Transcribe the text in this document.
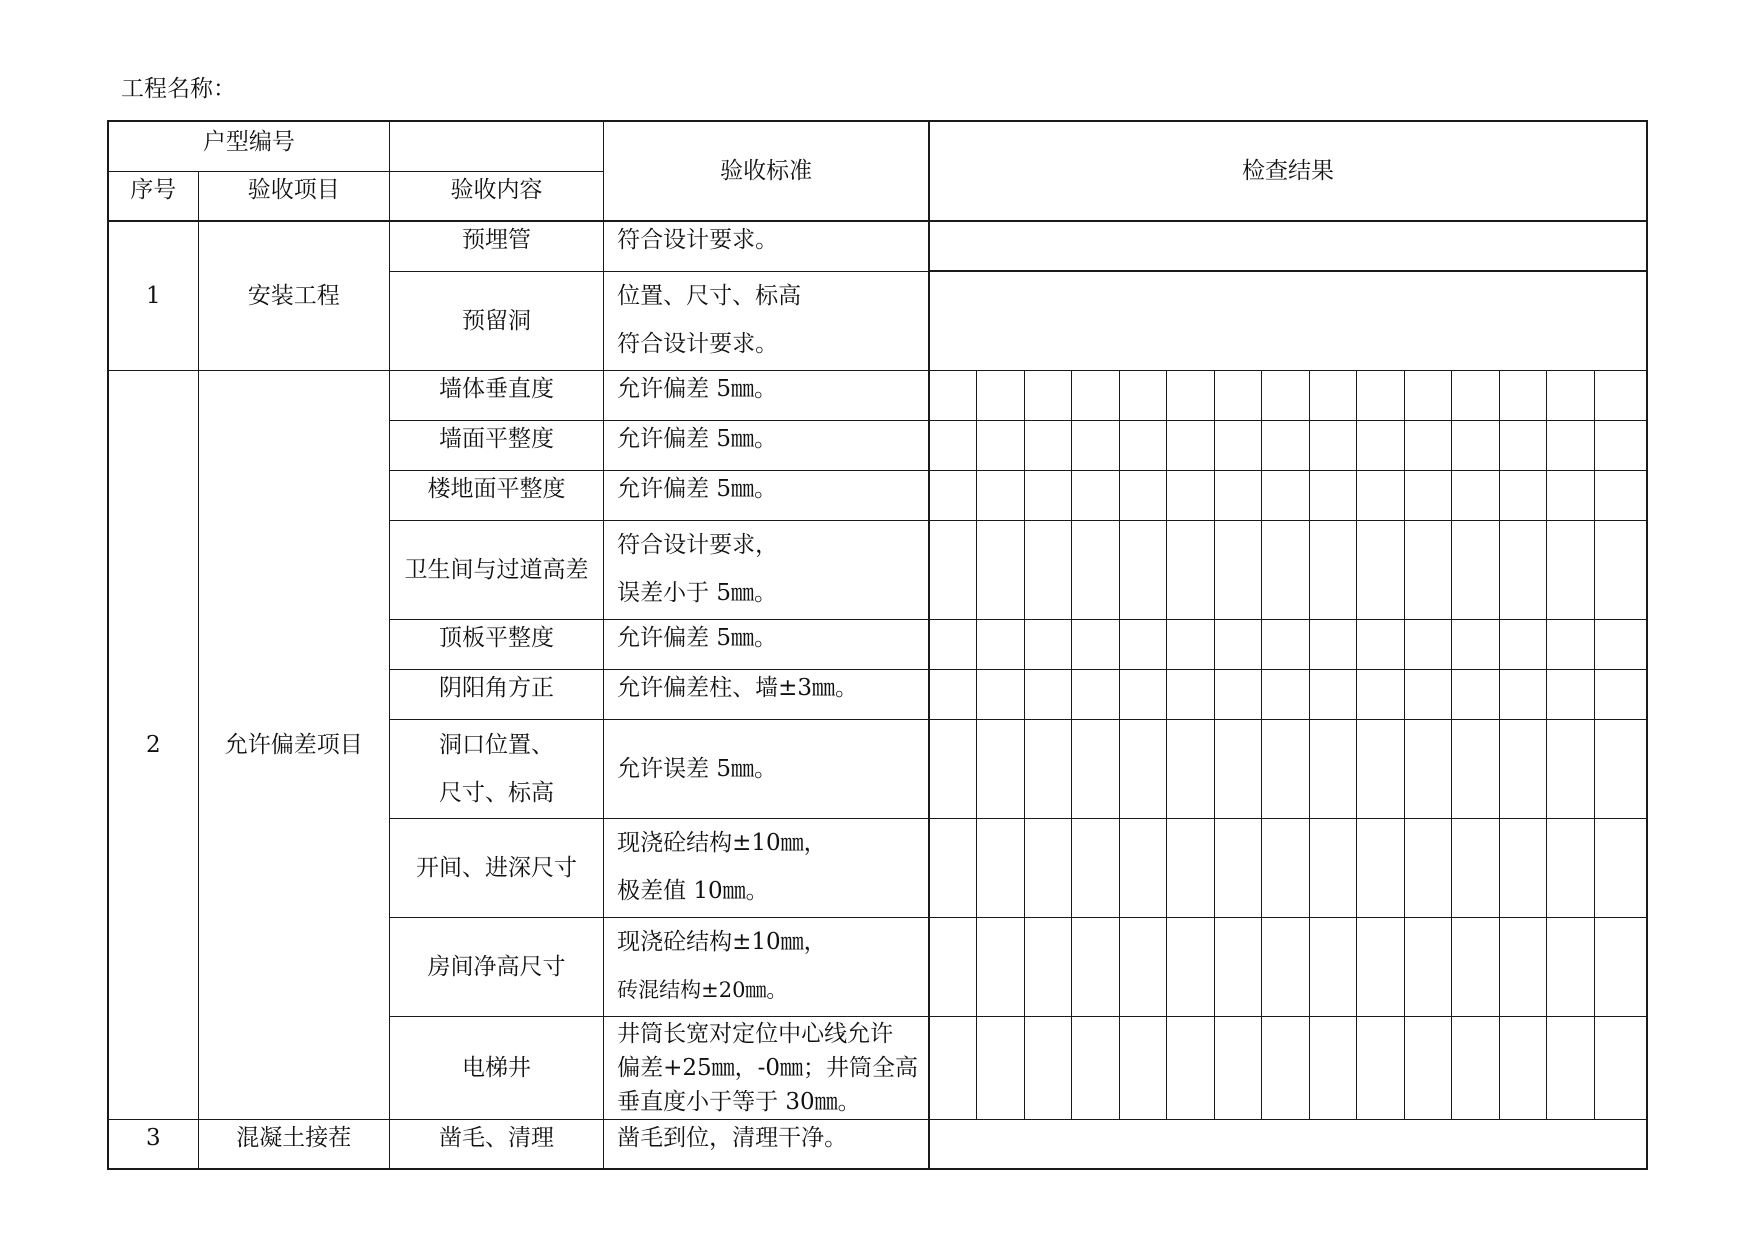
工程名称：
户型编号			验收标准	检查结果														
序号	验收项目	验收内容																
1	安装工程	预埋管	符合设计要求。															

		预留洞	位置、尺寸、标高
符合设计要求。															

2	允许偏差项目	墙体垂直度	允许偏差 5㎜。															

		墙面平整度	允许偏差 5㎜。															

		楼地面平整度	允许偏差 5㎜。															

		卫生间与过道高差	符合设计要求，
误差小于 5㎜。															

		顶板平整度	允许偏差 5㎜。															

		阴阳角方正	允许偏差柱、墙±3㎜。															

		洞口位置、
尺寸、标高	允许误差 5㎜。															

		开间、进深尺寸	现浇砼结构±10㎜，
极差值 10㎜。															

		房间净高尺寸	现浇砼结构±10㎜，
砖混结构±20㎜。															

		电梯井	井筒长宽对定位中心线允许
偏差+25㎜，-0㎜；井筒全高
垂直度小于等于 30㎜。															

3	混凝土接茬	凿毛、清理	凿毛到位，清理干净。															
